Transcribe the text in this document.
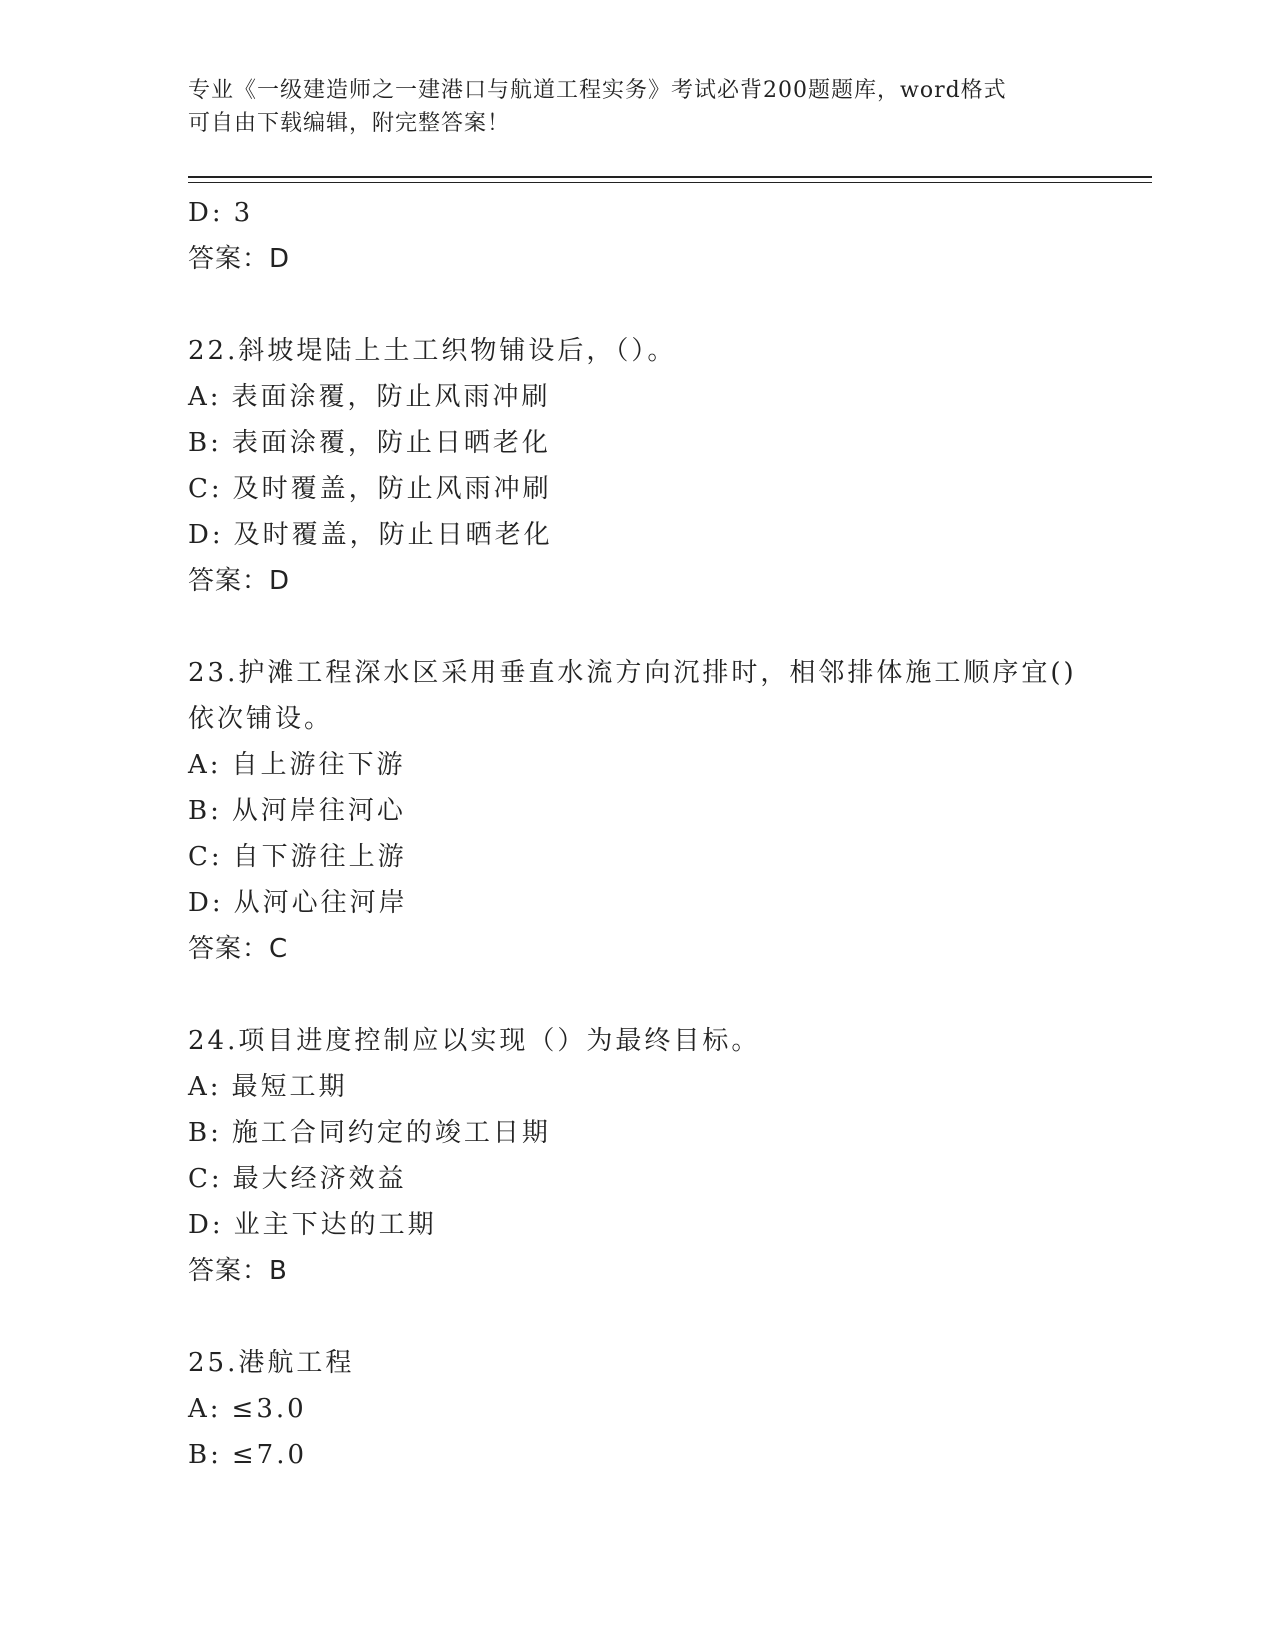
专业《一级建造师之一建港口与航道工程实务》考试必背200题题库，word格式
可自由下载编辑，附完整答案！
D: 3
答案：D
22.斜坡堤陆上土工织物铺设后，（）。
A: 表面涂覆，防止风雨冲刷
B: 表面涂覆，防止日晒老化
C: 及时覆盖，防止风雨冲刷
D: 及时覆盖，防止日晒老化
答案：D
23.护滩工程深水区采用垂直水流方向沉排时，相邻排体施工顺序宜()依次铺设。
A: 自上游往下游
B: 从河岸往河心
C: 自下游往上游
D: 从河心往河岸
答案：C
24.项目进度控制应以实现（）为最终目标。
A: 最短工期
B: 施工合同约定的竣工日期
C: 最大经济效益
D: 业主下达的工期
答案：B
25.港航工程
A: ≤3.0
B: ≤7.0
